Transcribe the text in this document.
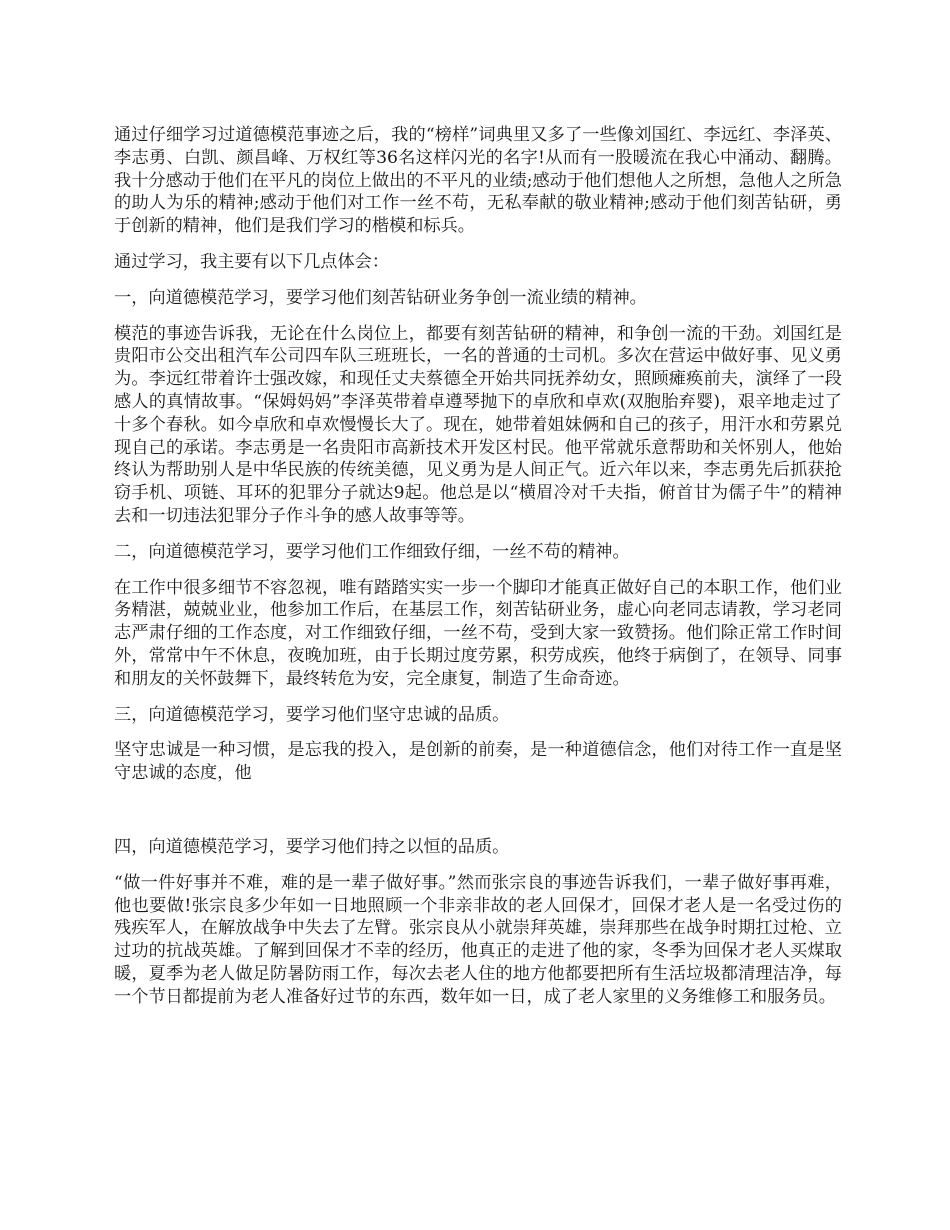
通过仔细学习过道德模范事迹之后，我的“榜样”词典里又多了一些像刘国红、李远红、李泽英、李志勇、白凯、颜昌峰、万权红等36名这样闪光的名字!从而有一股暖流在我心中涌动、翻腾。我十分感动于他们在平凡的岗位上做出的不平凡的业绩;感动于他们想他人之所想，急他人之所急的助人为乐的精神;感动于他们对工作一丝不苟，无私奉献的敬业精神;感动于他们刻苦钻研，勇于创新的精神，他们是我们学习的楷模和标兵。

通过学习，我主要有以下几点体会：

一，向道德模范学习，要学习他们刻苦钻研业务争创一流业绩的精神。

模范的事迹告诉我，无论在什么岗位上，都要有刻苦钻研的精神，和争创一流的干劲。刘国红是贵阳市公交出租汽车公司四车队三班班长，一名的普通的士司机。多次在营运中做好事、见义勇为。李远红带着许士强改嫁，和现任丈夫蔡德全开始共同抚养幼女，照顾瘫痪前夫，演绎了一段感人的真情故事。“保姆妈妈”李泽英带着卓遵琴抛下的卓欣和卓欢(双胞胎弃婴)，艰辛地走过了十多个春秋。如今卓欣和卓欢慢慢长大了。现在，她带着姐妹俩和自己的孩子，用汗水和劳累兑现自己的承诺。李志勇是一名贵阳市高新技术开发区村民。他平常就乐意帮助和关怀别人，他始终认为帮助别人是中华民族的传统美德，见义勇为是人间正气。近六年以来，李志勇先后抓获抢窃手机、项链、耳环的犯罪分子就达9起。他总是以“横眉冷对千夫指，俯首甘为儒子牛”的精神去和一切违法犯罪分子作斗争的感人故事等等。

二，向道德模范学习，要学习他们工作细致仔细，一丝不苟的精神。

在工作中很多细节不容忽视，唯有踏踏实实一步一个脚印才能真正做好自己的本职工作，他们业务精湛，兢兢业业，他参加工作后，在基层工作，刻苦钻研业务，虚心向老同志请教，学习老同志严肃仔细的工作态度，对工作细致仔细，一丝不苟，受到大家一致赞扬。他们除正常工作时间外，常常中午不休息，夜晚加班，由于长期过度劳累，积劳成疾，他终于病倒了，在领导、同事和朋友的关怀鼓舞下，最终转危为安，完全康复，制造了生命奇迹。

三，向道德模范学习，要学习他们坚守忠诚的品质。

坚守忠诚是一种习惯，是忘我的投入，是创新的前奏，是一种道德信念，他们对待工作一直是坚守忠诚的态度，他

四，向道德模范学习，要学习他们持之以恒的品质。

“做一件好事并不难，难的是一辈子做好事。”然而张宗良的事迹告诉我们，一辈子做好事再难，他也要做!张宗良多少年如一日地照顾一个非亲非故的老人回保才，回保才老人是一名受过伤的残疾军人，在解放战争中失去了左臂。张宗良从小就崇拜英雄，崇拜那些在战争时期扛过枪、立过功的抗战英雄。了解到回保才不幸的经历，他真正的走进了他的家，冬季为回保才老人买煤取暖，夏季为老人做足防暑防雨工作，每次去老人住的地方他都要把所有生活垃圾都清理洁净，每一个节日都提前为老人准备好过节的东西，数年如一日，成了老人家里的义务维修工和服务员。
